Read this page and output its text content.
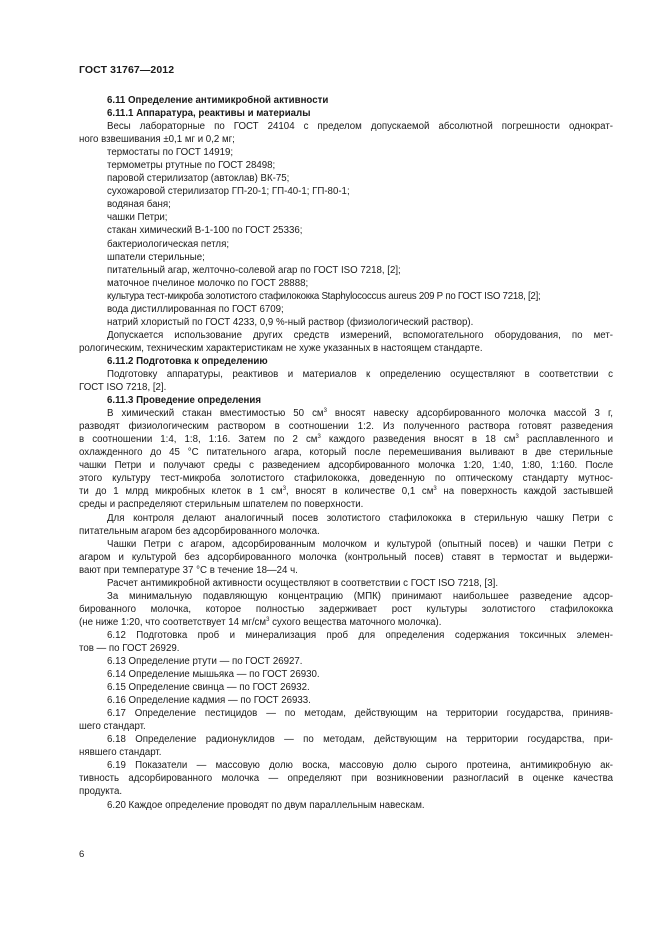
ГОСТ 31767—2012
6.11 Определение антимикробной активности
6.11.1 Аппаратура, реактивы и материалы
Весы лабораторные по ГОСТ 24104 с пределом допускаемой абсолютной погрешности однократ-
ного взвешивания ±0,1 мг и 0,2 мг;
термостаты по ГОСТ 14919;
термометры ртутные по ГОСТ 28498;
паровой стерилизатор (автоклав) ВК-75;
сухожаровой стерилизатор ГП-20-1; ГП-40-1; ГП-80-1;
водяная баня;
чашки Петри;
стакан химический В-1-100 по ГОСТ 25336;
бактериологическая петля;
шпатели стерильные;
питательный агар, желточно-солевой агар по ГОСТ ISO 7218, [2];
маточное пчелиное молочко по ГОСТ 28888;
культура тест-микроба золотистого стафилококка Staphylococcus aureus 209 Р по ГОСТ ISO 7218, [2];
вода дистиллированная по ГОСТ 6709;
натрий хлористый по ГОСТ 4233, 0,9 %-ный раствор (физиологический раствор).
Допускается использование других средств измерений, вспомогательного оборудования, по мет-
рологическим, техническим характеристикам не хуже указанных в настоящем стандарте.
6.11.2 Подготовка к определению
Подготовку аппаратуры, реактивов и материалов к определению осуществляют в соответствии с
ГОСТ ISO 7218, [2].
6.11.3 Проведение определения
В химический стакан вместимостью 50 $см^3$ вносят навеску адсорбированного молочка массой 3 г,
разводят физиологическим раствором в соотношении 1:2. Из полученного раствора готовят разведения
в соотношении 1:4, 1:8, 1:16. Затем по 2 $см^3$ каждого разведения вносят в 18 $см^3$ расплавленного и
охлажденного до 45 °С питательного агара, который после перемешивания выливают в две стерильные
чашки Петри и получают среды с разведением адсорбированного молочка 1:20, 1:40, 1:80, 1:160. После
этого культуру тест-микроба золотистого стафилококка, доведенную по оптическому стандарту мутнос-
ти до 1 млрд микробных клеток в 1 $см^3$, вносят в количестве 0,1 $см^3$ на поверхность каждой застывшей
среды и распределяют стерильным шпателем по поверхности.
Для контроля делают аналогичный посев золотистого стафилококка в стерильную чашку Петри с
питательным агаром без адсорбированного молочка.
Чашки Петри с агаром, адсорбированным молочком и культурой (опытный посев) и чашки Петри с
агаром и культурой без адсорбированного молочка (контрольный посев) ставят в термостат и выдержи-
вают при температуре 37 °С в течение 18—24 ч.
Расчет антимикробной активности осуществляют в соответствии с ГОСТ ISO 7218, [3].
За минимальную подавляющую концентрацию (МПК) принимают наибольшее разведение адсор-
бированного молочка, которое полностью задерживает рост культуры золотистого стафилококка
(не ниже 1:20, что соответствует 14 $мг/см^3$ сухого вещества маточного молочка).
6.12 Подготовка проб и минерализация проб для определения содержания токсичных элемен-
тов — по ГОСТ 26929.
6.13 Определение ртути — по ГОСТ 26927.
6.14 Определение мышьяка — по ГОСТ 26930.
6.15 Определение свинца — по ГОСТ 26932.
6.16 Определение кадмия — по ГОСТ 26933.
6.17 Определение пестицидов — по методам, действующим на территории государства, принияв-
шего стандарт.
6.18 Определение радионуклидов — по методам, действующим на территории государства, при-
нявшего стандарт.
6.19 Показатели — массовую долю воска, массовую долю сырого протеина, антимикробную ак-
тивность адсорбированного молочка — определяют при возникновении разногласий в оценке качества
продукта.
6.20 Каждое определение проводят по двум параллельным навескам.
6
